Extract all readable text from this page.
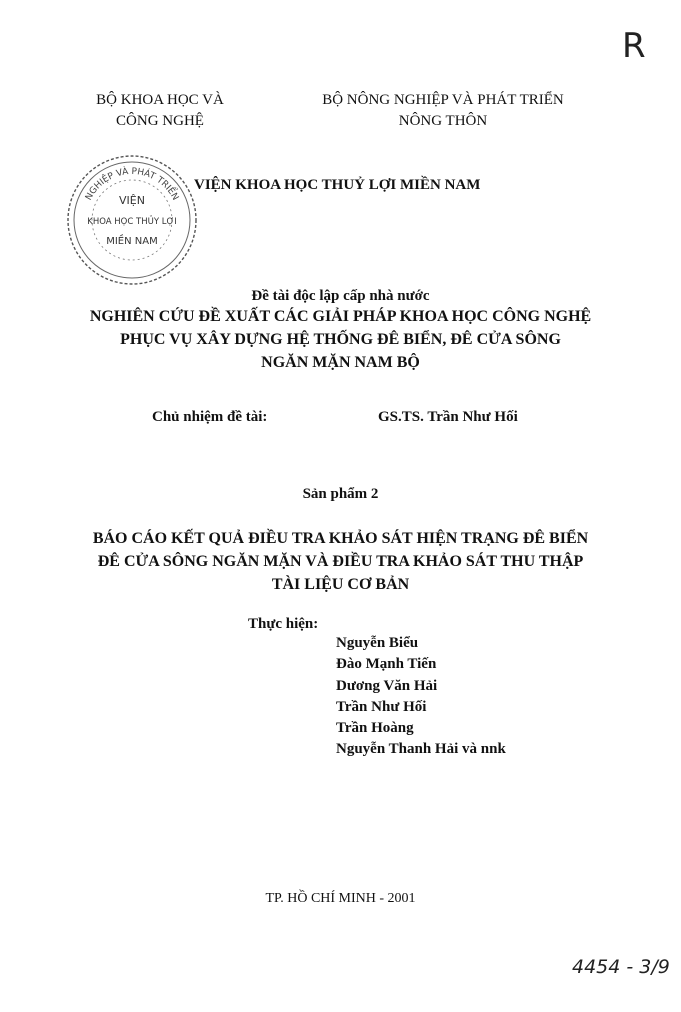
R
BỘ KHOA HỌC VÀ
CÔNG NGHỆ
BỘ NÔNG NGHIỆP VÀ PHÁT TRIỂN
NÔNG THÔN
NGHIỆP VÀ PHÁT TRIỂN
VIỆN
KHOA HỌC THỦY LỢI
MIỀN NAM
VIỆN KHOA HỌC THUỶ LỢI MIỀN NAM
Đề tài độc lập cấp nhà nước
NGHIÊN CỨU ĐỀ XUẤT CÁC GIẢI PHÁP KHOA HỌC CÔNG NGHỆ
PHỤC VỤ XÂY DỰNG HỆ THỐNG ĐÊ BIỂN, ĐÊ CỬA SÔNG
NGĂN MẶN NAM BỘ
Chủ nhiệm đề tài:	GS.TS. Trần Như Hối
Sản phẩm 2
BÁO CÁO KẾT QUẢ ĐIỀU TRA KHẢO SÁT HIỆN TRẠNG ĐÊ BIỂN
ĐÊ CỬA SÔNG NGĂN MẶN VÀ ĐIỀU TRA KHẢO SÁT THU THẬP
TÀI LIỆU CƠ BẢN
Thực hiện:
Nguyễn Biểu
Đào Mạnh Tiến
Dương Văn Hải
Trần Như Hối
Trần Hoàng
Nguyễn Thanh Hải và nnk
TP. HỒ CHÍ MINH - 2001
4454 - 3/9
